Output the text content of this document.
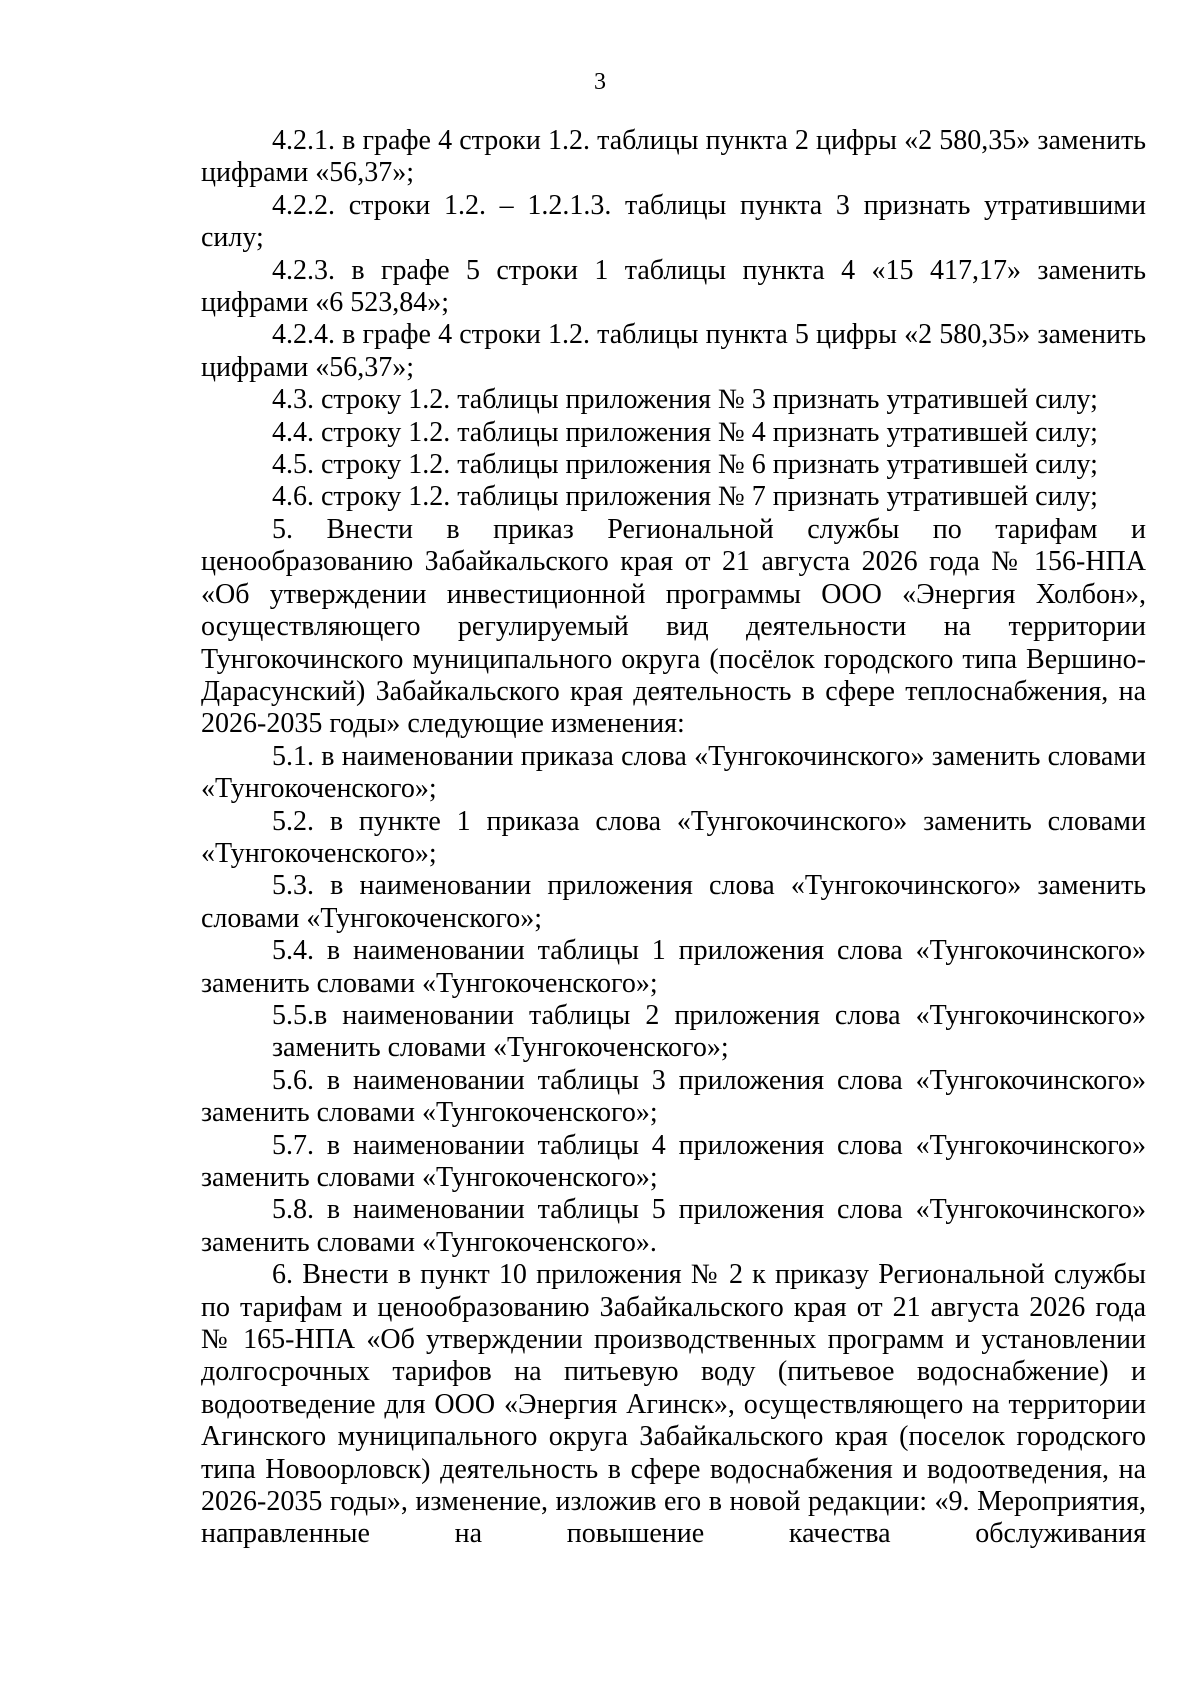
3

4.2.1. в графе 4 строки 1.2. таблицы пункта 2 цифры «2 580,35» заменить цифрами «56,37»;

4.2.2. строки 1.2. – 1.2.1.3. таблицы пункта 3 признать утратившими силу;

4.2.3. в графе 5 строки 1 таблицы пункта 4 «15 417,17» заменить цифрами «6 523,84»;

4.2.4. в графе 4 строки 1.2. таблицы пункта 5 цифры «2 580,35» заменить цифрами «56,37»;

4.3. строку 1.2. таблицы приложения № 3 признать утратившей силу;

4.4. строку 1.2. таблицы приложения № 4 признать утратившей силу;

4.5. строку 1.2. таблицы приложения № 6 признать утратившей силу;

4.6. строку 1.2. таблицы приложения № 7 признать утратившей силу;

5. Внести в приказ Региональной службы по тарифам и ценообразованию Забайкальского края от 21 августа 2026 года № 156-НПА «Об утверждении инвестиционной программы ООО «Энергия Холбон», осуществляющего регулируемый вид деятельности на территории Тунгокочинского муниципального округа (посёлок городского типа Вершино-Дарасунский) Забайкальского края деятельность в сфере теплоснабжения, на 2026-2035 годы» следующие изменения:

5.1. в наименовании приказа слова «Тунгокочинского» заменить словами «Тунгокоченского»;

5.2. в пункте 1 приказа слова «Тунгокочинского» заменить словами «Тунгокоченского»;

5.3. в наименовании приложения слова «Тунгокочинского» заменить словами «Тунгокоченского»;

5.4. в наименовании таблицы 1 приложения слова «Тунгокочинского» заменить словами «Тунгокоченского»;

5.5.в наименовании таблицы 2 приложения слова «Тунгокочинского» заменить словами «Тунгокоченского»;

5.6. в наименовании таблицы 3 приложения слова «Тунгокочинского» заменить словами «Тунгокоченского»;

5.7. в наименовании таблицы 4 приложения слова «Тунгокочинского» заменить словами «Тунгокоченского»;

5.8. в наименовании таблицы 5 приложения слова «Тунгокочинского» заменить словами «Тунгокоченского».

6. Внести в пункт 10 приложения № 2 к приказу Региональной службы по тарифам и ценообразованию Забайкальского края от 21 августа 2026 года № 165-НПА «Об утверждении производственных программ и установлении долгосрочных тарифов на питьевую воду (питьевое водоснабжение) и водоотведение для ООО «Энергия Агинск», осуществляющего на территории Агинского муниципального округа Забайкальского края (поселок городского типа Новоорловск) деятельность в сфере водоснабжения и водоотведения, на 2026-2035 годы», изменение, изложив его в новой редакции: «9. Мероприятия, направленные на повышение качества обслуживания
